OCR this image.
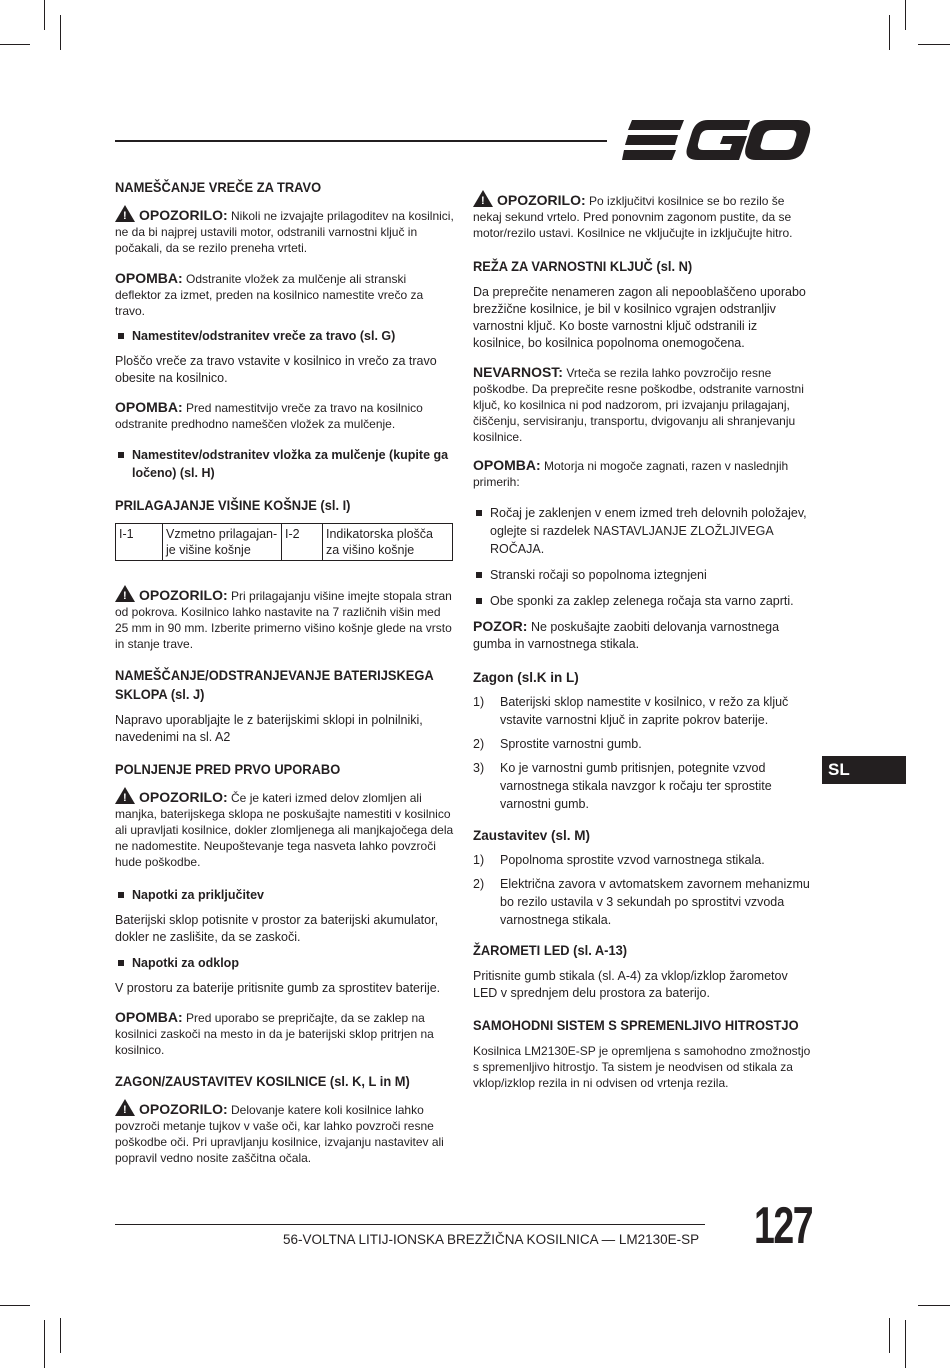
NAMEŠČANJE VREČE ZA TRAVO

!OPOZORILO: Nikoli ne izvajajte prilagoditev na kosilnici, ne da bi najprej ustavili motor, odstranili varnostni ključ in počakali, da se rezilo preneha vrteti.

OPOMBA: Odstranite vložek za mulčenje ali stranski deflektor za izmet, preden na kosilnico namestite vrečo za travo.

Namestitev/odstranitev vreče za travo (sl. G)

Ploščo vreče za travo vstavite v kosilnico in vrečo za travo obesite na kosilnico.

OPOMBA: Pred namestitvijo vreče za travo na kosilnico odstranite predhodno nameščen vložek za mulčenje.

Namestitev/odstranitev vložka za mulčenje (kupite ga ločeno) (sl. H)
PRILAGAJANJE VIŠINE KOŠNJE (sl. I)
I-1	Vzmetno prilagajan-je višine košnje	I-2	Indikatorska plošča za višino košnje

!OPOZORILO: Pri prilagajanju višine imejte stopala stran od pokrova. Kosilnico lahko nastavite na 7 različnih višin med 25 mm in 90 mm. Izberite primerno višino košnje glede na vrsto in stanje trave.

NAMEŠČANJE/ODSTRANJEVANJE BATERIJSKEGA SKLOPA (sl. J)

Napravo uporabljajte le z baterijskimi sklopi in polnilniki, navedenimi na sl. A2

POLNJENJE PRED PRVO UPORABO

!OPOZORILO: Če je kateri izmed delov zlomljen ali manjka, baterijskega sklopa ne poskušajte namestiti v kosilnico ali upravljati kosilnice, dokler zlomljenega ali manjkajočega dela ne nadomestite. Neupoštevanje tega nasveta lahko povzroči hude poškodbe.

Napotki za priključitev

Baterijski sklop potisnite v prostor za baterijski akumulator, dokler ne zaslišite, da se zaskoči.

Napotki za odklop

V prostoru za baterije pritisnite gumb za sprostitev baterije.

OPOMBA: Pred uporabo se prepričajte, da se zaklep na kosilnici zaskoči na mesto in da je baterijski sklop pritrjen na kosilnico.

ZAGON/ZAUSTAVITEV KOSILNICE (sl. K, L in M)

!OPOZORILO: Delovanje katere koli kosilnice lahko povzroči metanje tujkov v vaše oči, kar lahko povzroči resne poškodbe oči. Pri upravljanju kosilnice, izvajanju nastavitev ali popravil vedno nosite zaščitna očala.

!OPOZORILO: Po izključitvi kosilnice se bo rezilo še nekaj sekund vrtelo. Pred ponovnim zagonom pustite, da se motor/rezilo ustavi. Kosilnice ne vključujte in izključujte hitro.

REŽA ZA VARNOSTNI KLJUČ (sl. N)

Da preprečite nenameren zagon ali nepooblaščeno uporabo brezžične kosilnice, je bil v kosilnico vgrajen odstranljiv varnostni ključ. Ko boste varnostni ključ odstranili iz kosilnice, bo kosilnica popolnoma onemogočena.

NEVARNOST: Vrteča se rezila lahko povzročijo resne poškodbe. Da preprečite resne poškodbe, odstranite varnostni ključ, ko kosilnica ni pod nadzorom, pri izvajanju prilagajanj, čiščenju, servisiranju, transportu, dvigovanju ali shranjevanju kosilnice.

OPOMBA: Motorja ni mogoče zagnati, razen v naslednjih primerih:

Ročaj je zaklenjen v enem izmed treh delovnih položajev, oglejte si razdelek NASTAVLJANJE ZLOŽLJIVEGA ROČAJA.
Stranski ročaji so popolnoma iztegnjeni
Obe sponki za zaklep zelenega ročaja sta varno zaprti.

POZOR: Ne poskušajte zaobiti delovanja varnostnega gumba in varnostnega stikala.

Zagon (sl.K in L)
1) Baterijski sklop namestite v kosilnico, v režo za ključ vstavite varnostni ključ in zaprite pokrov baterije.
2) Sprostite varnostni gumb.
3) Ko je varnostni gumb pritisnjen, potegnite vzvod varnostnega stikala navzgor k ročaju ter sprostite varnostni gumb.
Zaustavitev (sl. M)
1) Popolnoma sprostite vzvod varnostnega stikala.
2) Električna zavora v avtomatskem zavornem mehanizmu bo rezilo ustavila v 3 sekundah po sprostitvi vzvoda varnostnega stikala.
ŽAROMETI LED (sl. A-13)

Pritisnite gumb stikala (sl. A-4) za vklop/izklop žarometov LED v sprednjem delu prostora za baterijo.

SAMOHODNI SISTEM S SPREMENLJIVO HITROSTJO

Kosilnica LM2130E-SP je opremljena s samohodno zmožnostjo s spremenljivo hitrostjo. Ta sistem je neodvisen od stikala za vklop/izklop rezila in ni odvisen od vrtenja rezila.

SL
56-VOLTNA LITIJ-IONSKA BREZŽIČNA KOSILNICA — LM2130E-SP 127
